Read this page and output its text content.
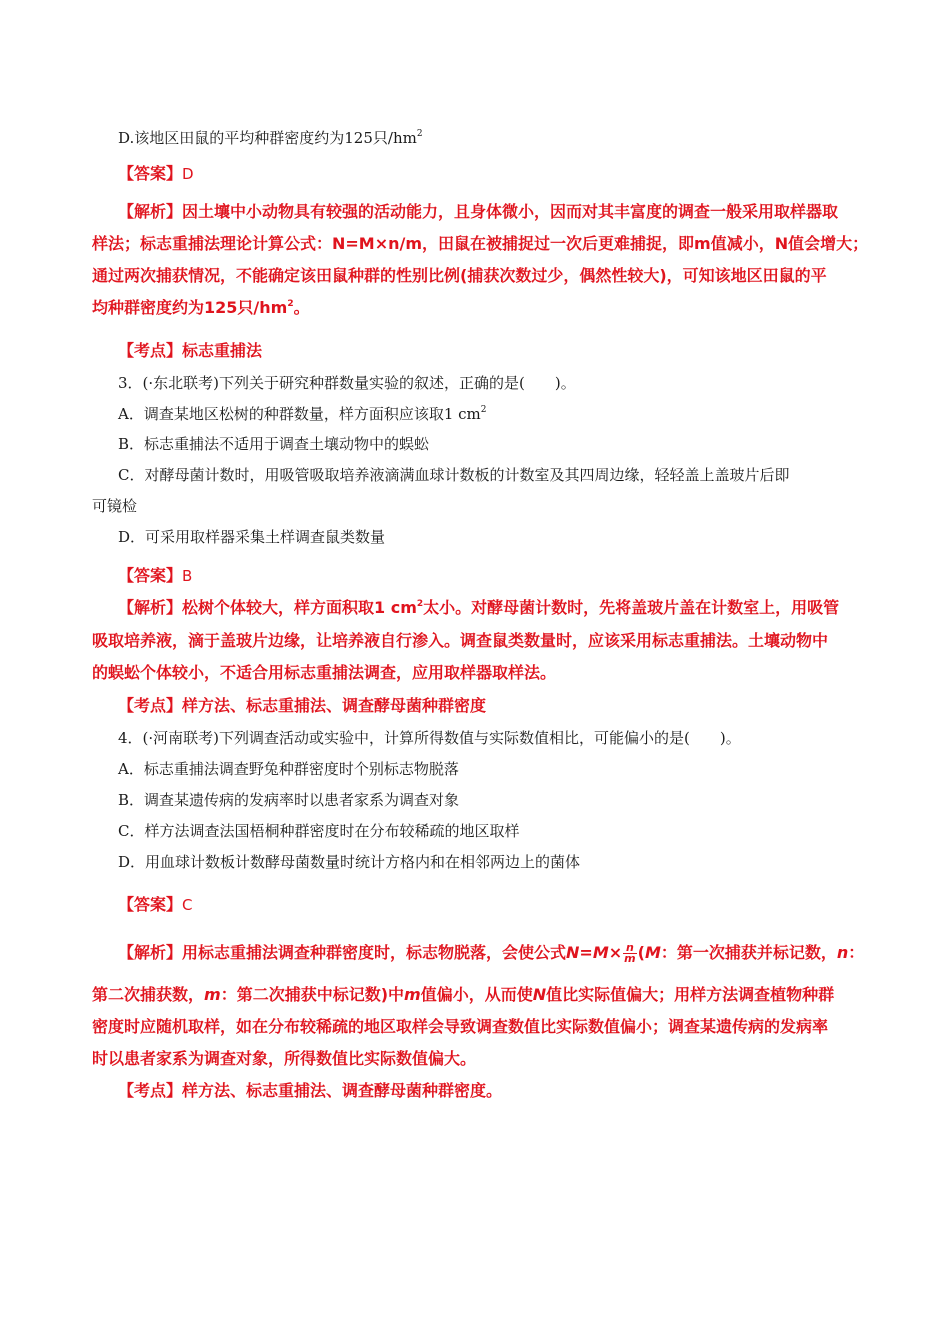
D.该地区田鼠的平均种群密度约为125只$/hm^2$
【答案】D
【解析】因土壤中小动物具有较强的活动能力，且身体微小，因而对其丰富度的调查一般采用取样器取
样法；标志重捕法理论计算公式：N=M×n/m，田鼠在被捕捉过一次后更难捕捉，即m值减小，N值会增大；
通过两次捕获情况，不能确定该田鼠种群的性别比例(捕获次数过少，偶然性较大)，可知该地区田鼠的平
均种群密度约为125只$/hm^2$。
【考点】标志重捕法
3．(·东北联考)下列关于研究种群数量实验的叙述，正确的是(　　)。
A．调查某地区松树的种群数量，样方面积应该取1 $cm^2$
B．标志重捕法不适用于调查土壤动物中的蜈蚣
C．对酵母菌计数时，用吸管吸取培养液滴满血球计数板的计数室及其四周边缘，轻轻盖上盖玻片后即
可镜检
D．可采用取样器采集土样调查鼠类数量
【答案】B
【解析】松树个体较大，样方面积取1 $cm^2$太小。对酵母菌计数时，先将盖玻片盖在计数室上，用吸管
吸取培养液，滴于盖玻片边缘，让培养液自行渗入。调查鼠类数量时，应该采用标志重捕法。土壤动物中
的蜈蚣个体较小，不适合用标志重捕法调查，应用取样器取样法。
【考点】样方法、标志重捕法、调查酵母菌种群密度
4．(·河南联考)下列调查活动或实验中，计算所得数值与实际数值相比，可能偏小的是(　　)。
A．标志重捕法调查野兔种群密度时个别标志物脱落
B．调查某遗传病的发病率时以患者家系为调查对象
C．样方法调查法国梧桐种群密度时在分布较稀疏的地区取样
D．用血球计数板计数酵母菌数量时统计方格内和在相邻两边上的菌体
【答案】C
【解析】用标志重捕法调查种群密度时，标志物脱落，会使公式$N=M\times \frac{n}{m} (M$：第一次捕获并标记数，n：
第二次捕获数，m：第二次捕获中标记数)中m值偏小，从而使N值比实际值偏大；用样方法调查植物种群
密度时应随机取样，如在分布较稀疏的地区取样会导致调查数值比实际数值偏小；调查某遗传病的发病率
时以患者家系为调查对象，所得数值比实际数值偏大。
【考点】样方法、标志重捕法、调查酵母菌种群密度。
